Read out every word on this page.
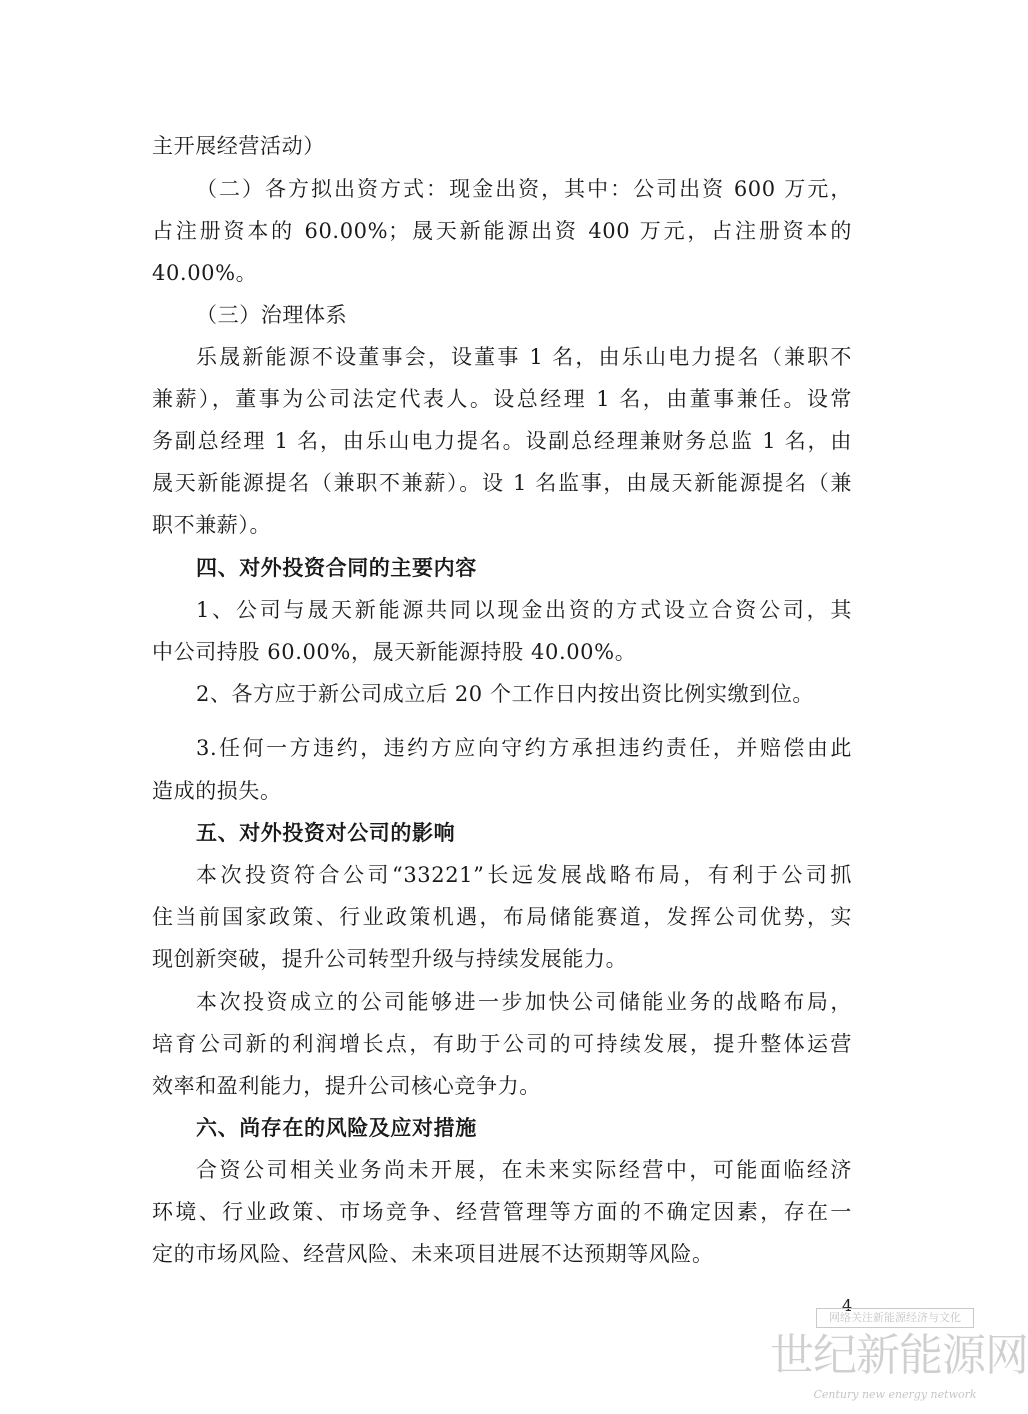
主开展经营活动）
（二）各方拟出资方式：现金出资，其中：公司出资 600 万元，
占注册资本的 60.00%；晟天新能源出资 400 万元，占注册资本的
40.00%。
（三）治理体系
乐晟新能源不设董事会，设董事 1 名，由乐山电力提名（兼职不
兼薪），董事为公司法定代表人。设总经理 1 名，由董事兼任。设常
务副总经理 1 名，由乐山电力提名。设副总经理兼财务总监 1 名，由
晟天新能源提名（兼职不兼薪）。设 1 名监事，由晟天新能源提名（兼
职不兼薪）。
四、对外投资合同的主要内容
1、公司与晟天新能源共同以现金出资的方式设立合资公司，其
中公司持股 60.00%，晟天新能源持股 40.00%。
2、各方应于新公司成立后 20 个工作日内按出资比例实缴到位。
3.任何一方违约，违约方应向守约方承担违约责任，并赔偿由此
造成的损失。
五、对外投资对公司的影响
本次投资符合公司“33221”长远发展战略布局，有利于公司抓
住当前国家政策、行业政策机遇，布局储能赛道，发挥公司优势，实
现创新突破，提升公司转型升级与持续发展能力。
本次投资成立的公司能够进一步加快公司储能业务的战略布局，
培育公司新的利润增长点，有助于公司的可持续发展，提升整体运营
效率和盈利能力，提升公司核心竞争力。
六、尚存在的风险及应对措施
合资公司相关业务尚未开展，在未来实际经营中，可能面临经济
环境、行业政策、市场竞争、经营管理等方面的不确定因素，存在一
定的市场风险、经营风险、未来项目进展不达预期等风险。
4
网络关注新能源经济与文化
世纪新能源网
Century new energy network
